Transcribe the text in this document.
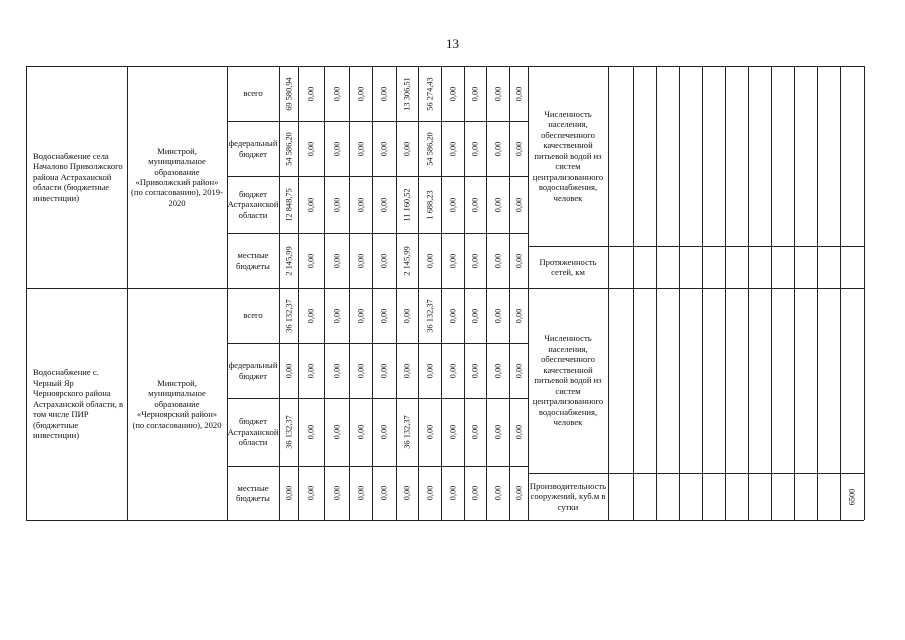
13
Водоснабжение села Началово Приволжского района Астраханской области (бюджетные инвестиции)
Минстрой, муниципальное образование «Приволжский район» (по согласованию), 2019-2020
всего	69 580,94 0,00 0,00 0,00 0,00 13 306,51 56 274,43 0,00 0,00 0,00 0,00
федеральный бюджет	54 586,20 0,00 0,00 0,00 0,00 0,00 54 586,20 0,00 0,00 0,00 0,00
бюджет Астраханской области	12 848,75 0,00 0,00 0,00 0,00 11 160,52 1 688,23 0,00 0,00 0,00 0,00
местные бюджеты	2 145,99 0,00 0,00 0,00 0,00 2 145,99 0,00 0,00 0,00 0,00 0,00
Численность населения, обеспеченного качественной питьевой водой из систем централизованного водоснабжения, человек
Протяженность сетей, км
Водоснабжение с. Черный Яр Черноярского района Астраханской области, в том числе ПИР (бюджетные инвестиции)
Минстрой, муниципальное образование «Черноярский район» (по согласованию), 2020
всего	36 132,37 0,00 0,00 0,00 0,00 0,00 36 132,37 0,00 0,00 0,00 0,00
федеральный бюджет	0,00 0,00 0,00 0,00 0,00 0,00 0,00 0,00 0,00 0,00 0,00
бюджет Астраханской области	36 132,37 0,00 0,00 0,00 0,00 36 132,37 0,00 0,00 0,00 0,00 0,00
местные бюджеты	0,00 0,00 0,00 0,00 0,00 0,00 0,00 0,00 0,00 0,00 0,00
Численность населения, обеспеченного качественной питьевой водой из систем централизованного водоснабжения, человек
Производительность сооружений, куб.м в сутки
6500
